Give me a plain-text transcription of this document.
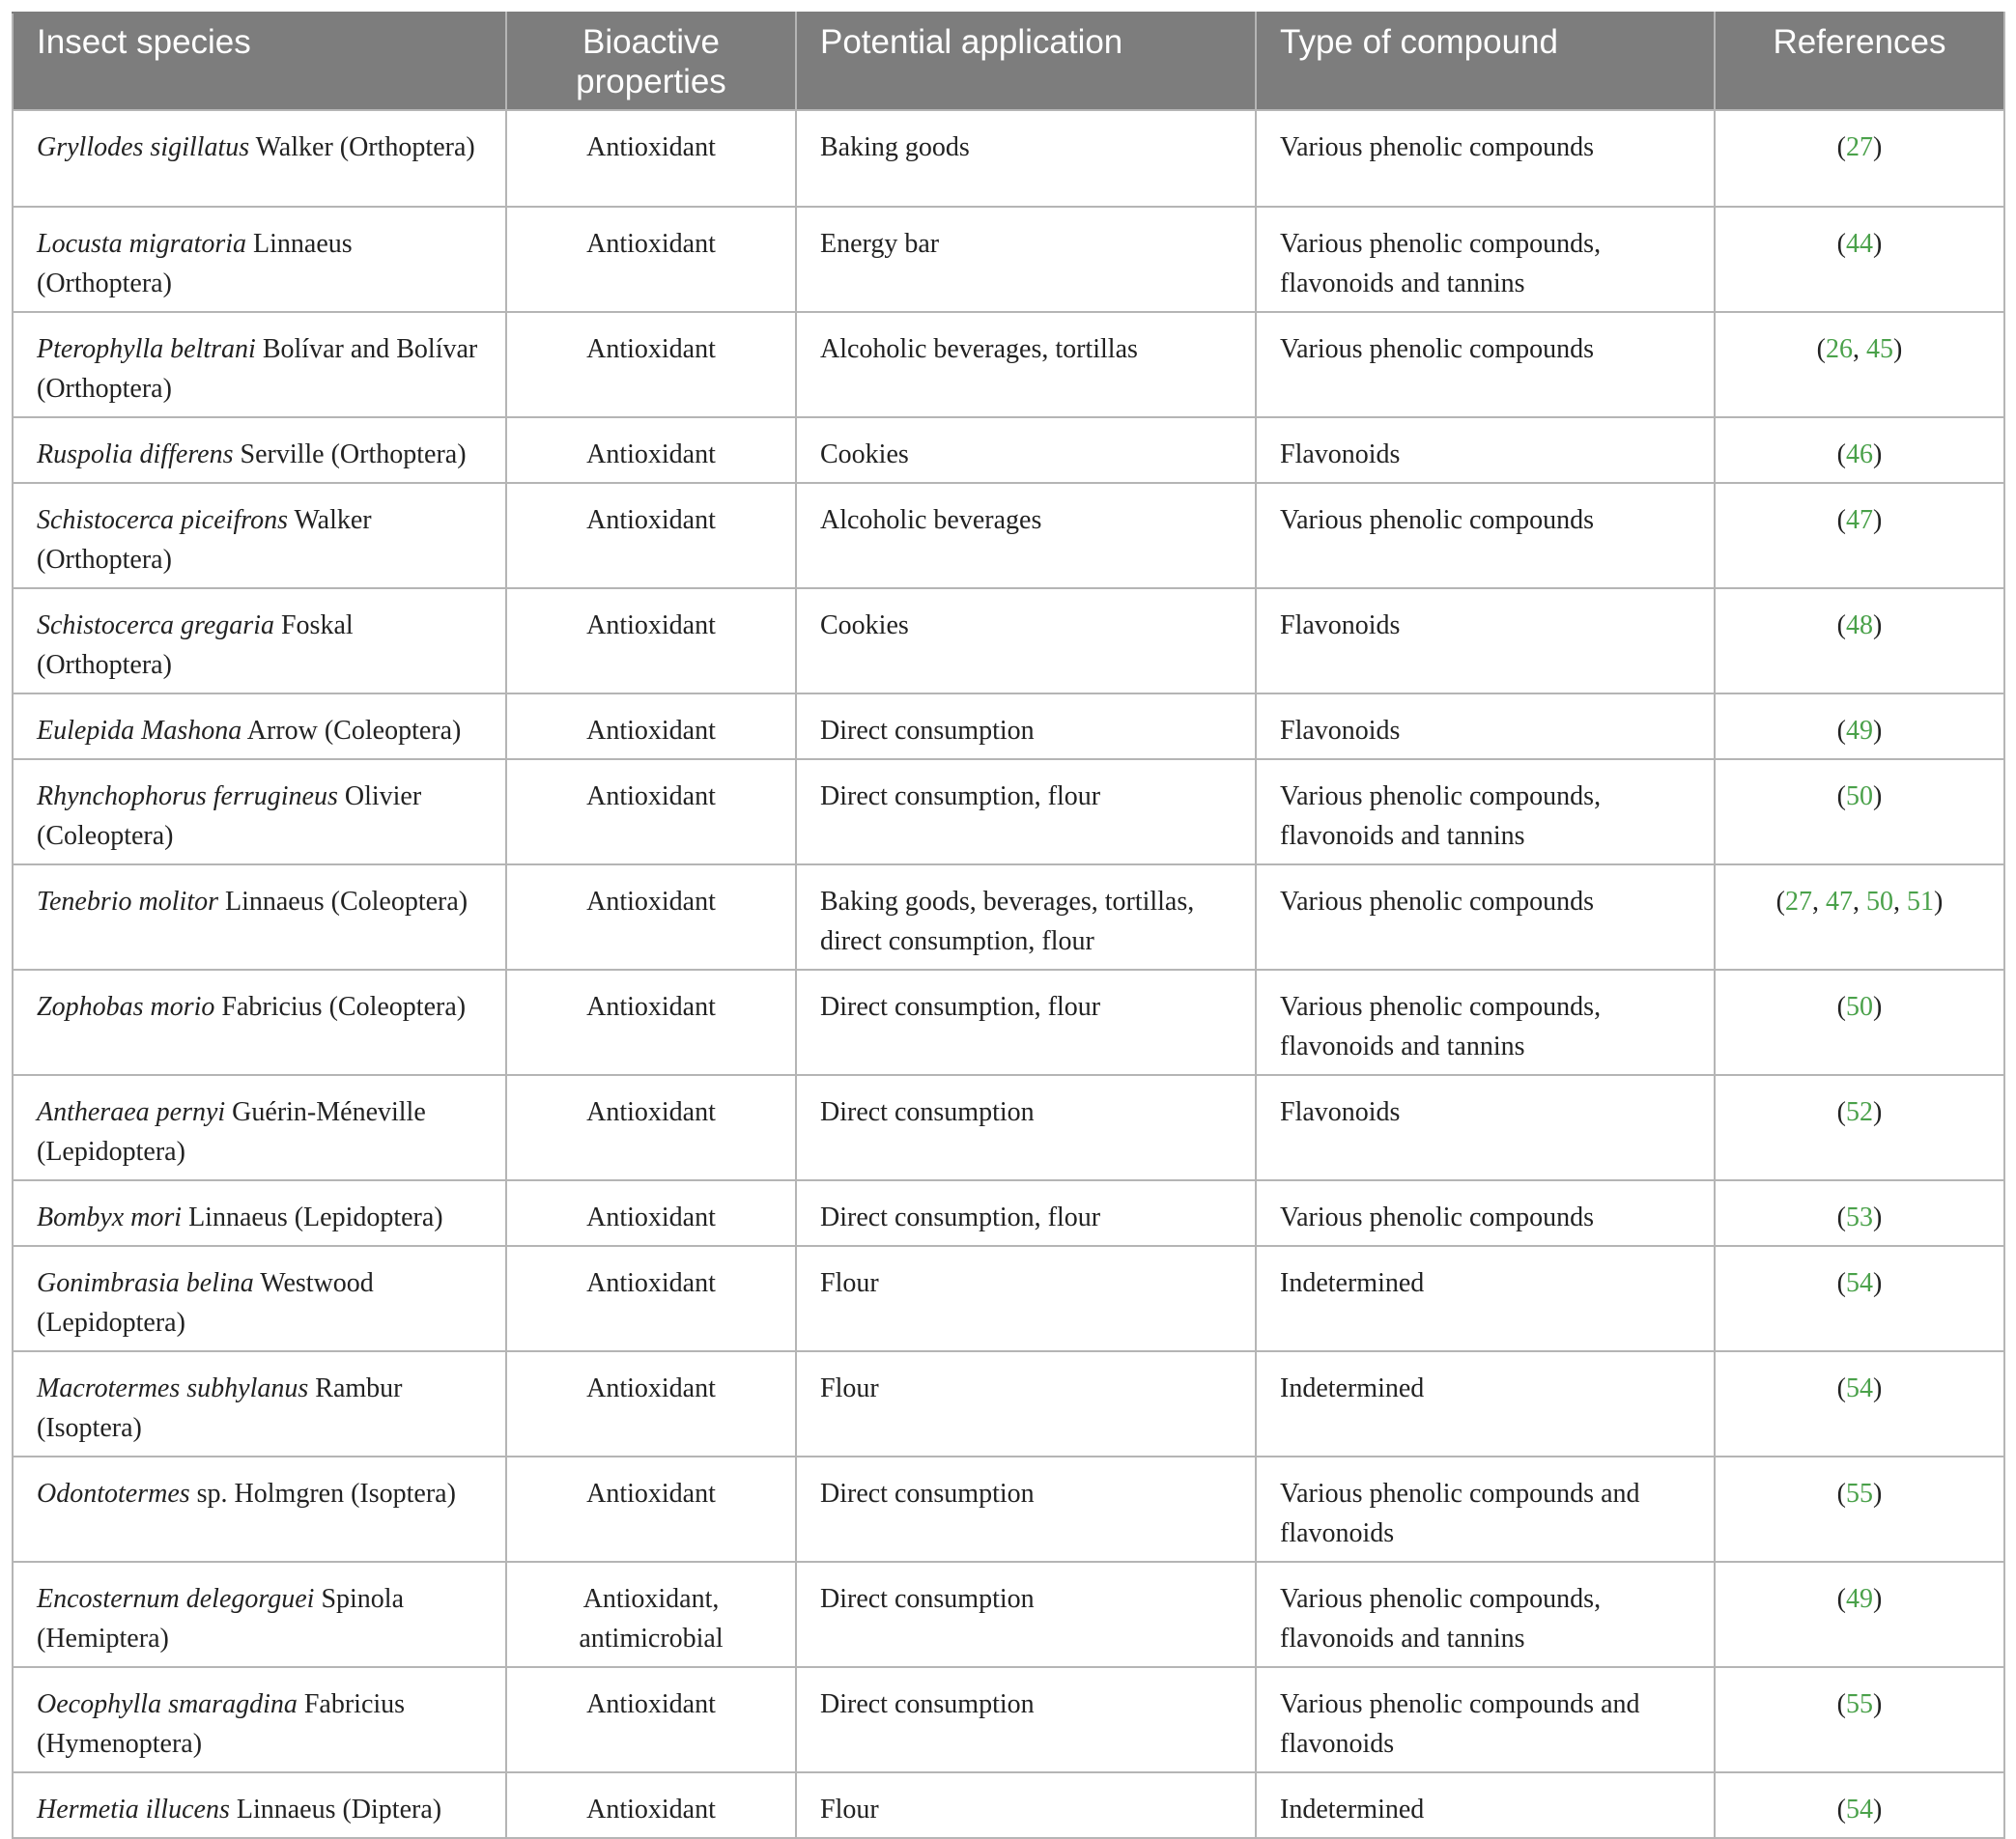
Insect species	Bioactive properties	Potential application	Type of compound	References
Gryllodes sigillatus Walker (Orthoptera)	Antioxidant	Baking goods	Various phenolic compounds	(27)
Locusta migratoria Linnaeus (Orthoptera)	Antioxidant	Energy bar	Various phenolic compounds, flavonoids and tannins	(44)
Pterophylla beltrani Bolívar and Bolívar (Orthoptera)	Antioxidant	Alcoholic beverages, tortillas	Various phenolic compounds	(26, 45)
Ruspolia differens Serville (Orthoptera)	Antioxidant	Cookies	Flavonoids	(46)
Schistocerca piceifrons Walker (Orthoptera)	Antioxidant	Alcoholic beverages	Various phenolic compounds	(47)
Schistocerca gregaria Foskal (Orthoptera)	Antioxidant	Cookies	Flavonoids	(48)
Eulepida Mashona Arrow (Coleoptera)	Antioxidant	Direct consumption	Flavonoids	(49)
Rhynchophorus ferrugineus Olivier (Coleoptera)	Antioxidant	Direct consumption, flour	Various phenolic compounds, flavonoids and tannins	(50)
Tenebrio molitor Linnaeus (Coleoptera)	Antioxidant	Baking goods, beverages, tortillas, direct consumption, flour	Various phenolic compounds	(27, 47, 50, 51)
Zophobas morio Fabricius (Coleoptera)	Antioxidant	Direct consumption, flour	Various phenolic compounds, flavonoids and tannins	(50)
Antheraea pernyi Guérin-Méneville (Lepidoptera)	Antioxidant	Direct consumption	Flavonoids	(52)
Bombyx mori Linnaeus (Lepidoptera)	Antioxidant	Direct consumption, flour	Various phenolic compounds	(53)
Gonimbrasia belina Westwood (Lepidoptera)	Antioxidant	Flour	Indetermined	(54)
Macrotermes subhylanus Rambur (Isoptera)	Antioxidant	Flour	Indetermined	(54)
Odontotermes sp. Holmgren (Isoptera)	Antioxidant	Direct consumption	Various phenolic compounds and flavonoids	(55)
Encosternum delegorguei Spinola (Hemiptera)	Antioxidant, antimicrobial	Direct consumption	Various phenolic compounds, flavonoids and tannins	(49)
Oecophylla smaragdina Fabricius (Hymenoptera)	Antioxidant	Direct consumption	Various phenolic compounds and flavonoids	(55)
Hermetia illucens Linnaeus (Diptera)	Antioxidant	Flour	Indetermined	(54)
